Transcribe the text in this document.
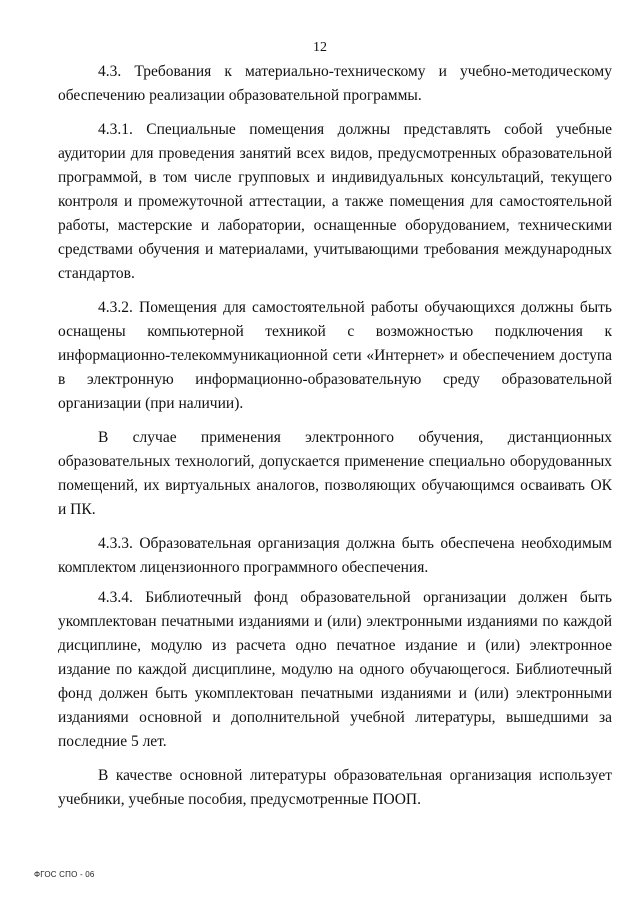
12

4.3. Требования к материально-техническому и учебно-методическому обеспечению реализации образовательной программы.

4.3.1. Специальные помещения должны представлять собой учебные аудитории для проведения занятий всех видов, предусмотренных образовательной программой, в том числе групповых и индивидуальных консультаций, текущего контроля и промежуточной аттестации, а также помещения для самостоятельной работы, мастерские и лаборатории, оснащенные оборудованием, техническими средствами обучения и материалами, учитывающими требования международных стандартов.

4.3.2. Помещения для самостоятельной работы обучающихся должны быть оснащены компьютерной техникой с возможностью подключения к информационно-телекоммуникационной сети «Интернет» и обеспечением доступа в электронную информационно-образовательную среду образовательной организации (при наличии).

В случае применения электронного обучения, дистанционных образовательных технологий, допускается применение специально оборудованных помещений, их виртуальных аналогов, позволяющих обучающимся осваивать ОК и ПК.

4.3.3. Образовательная организация должна быть обеспечена необходимым комплектом лицензионного программного обеспечения.

4.3.4. Библиотечный фонд образовательной организации должен быть укомплектован печатными изданиями и (или) электронными изданиями по каждой дисциплине, модулю из расчета одно печатное издание и (или) электронное издание по каждой дисциплине, модулю на одного обучающегося. Библиотечный фонд должен быть укомплектован печатными изданиями и (или) электронными изданиями основной и дополнительной учебной литературы, вышедшими за последние 5 лет.

В качестве основной литературы образовательная организация использует учебники, учебные пособия, предусмотренные ПООП.

ФГОС СПО - 06
